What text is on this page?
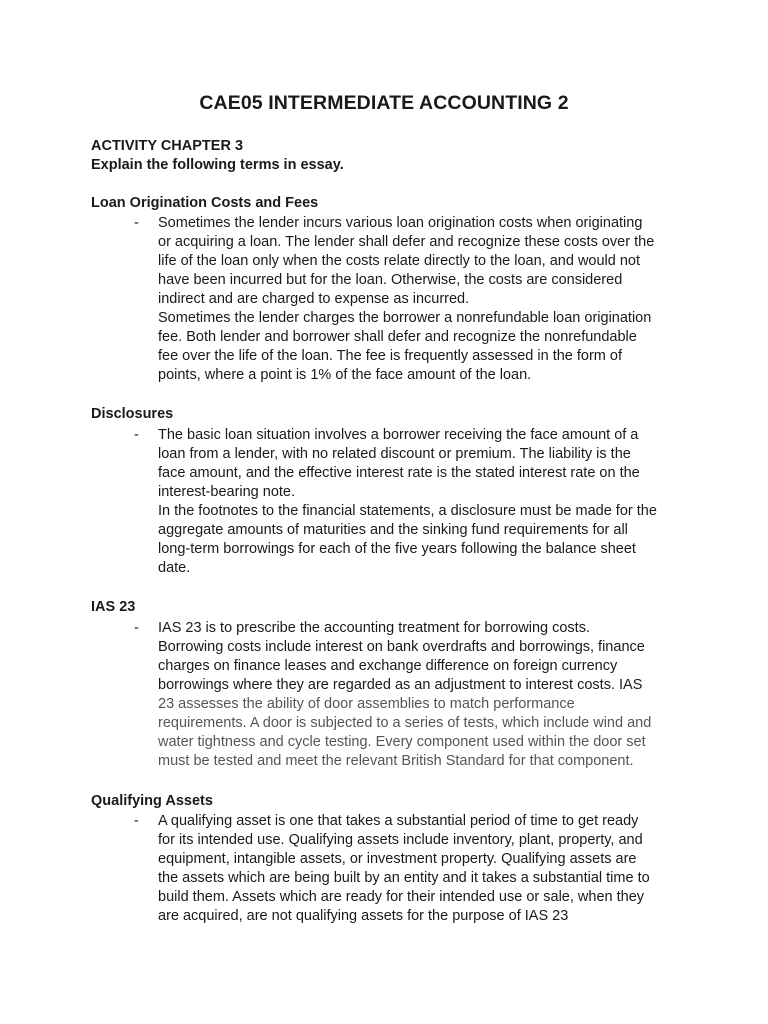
CAE05 INTERMEDIATE ACCOUNTING 2
ACTIVITY CHAPTER 3
Explain the following terms in essay.
Loan Origination Costs and Fees
- Sometimes the lender incurs various loan origination costs when originating
or acquiring a loan. The lender shall defer and recognize these costs over the
life of the loan only when the costs relate directly to the loan, and would not
have been incurred but for the loan. Otherwise, the costs are considered
indirect and are charged to expense as incurred.
Sometimes the lender charges the borrower a nonrefundable loan origination
fee. Both lender and borrower shall defer and recognize the nonrefundable
fee over the life of the loan. The fee is frequently assessed in the form of
points, where a point is 1% of the face amount of the loan.
Disclosures
- The basic loan situation involves a borrower receiving the face amount of a
loan from a lender, with no related discount or premium. The liability is the
face amount, and the effective interest rate is the stated interest rate on the
interest-bearing note.
In the footnotes to the financial statements, a disclosure must be made for the
aggregate amounts of maturities and the sinking fund requirements for all
long-term borrowings for each of the five years following the balance sheet
date.
IAS 23
- IAS 23 is to prescribe the accounting treatment for borrowing costs.
Borrowing costs include interest on bank overdrafts and borrowings, finance
charges on finance leases and exchange difference on foreign currency
borrowings where they are regarded as an adjustment to interest costs. IAS
23 assesses the ability of door assemblies to match performance
requirements. A door is subjected to a series of tests, which include wind and
water tightness and cycle testing. Every component used within the door set
must be tested and meet the relevant British Standard for that component.
Qualifying Assets
- A qualifying asset is one that takes a substantial period of time to get ready
for its intended use. Qualifying assets include inventory, plant, property, and
equipment, intangible assets, or investment property. Qualifying assets are
the assets which are being built by an entity and it takes a substantial time to
build them. Assets which are ready for their intended use or sale, when they
are acquired, are not qualifying assets for the purpose of IAS 23
